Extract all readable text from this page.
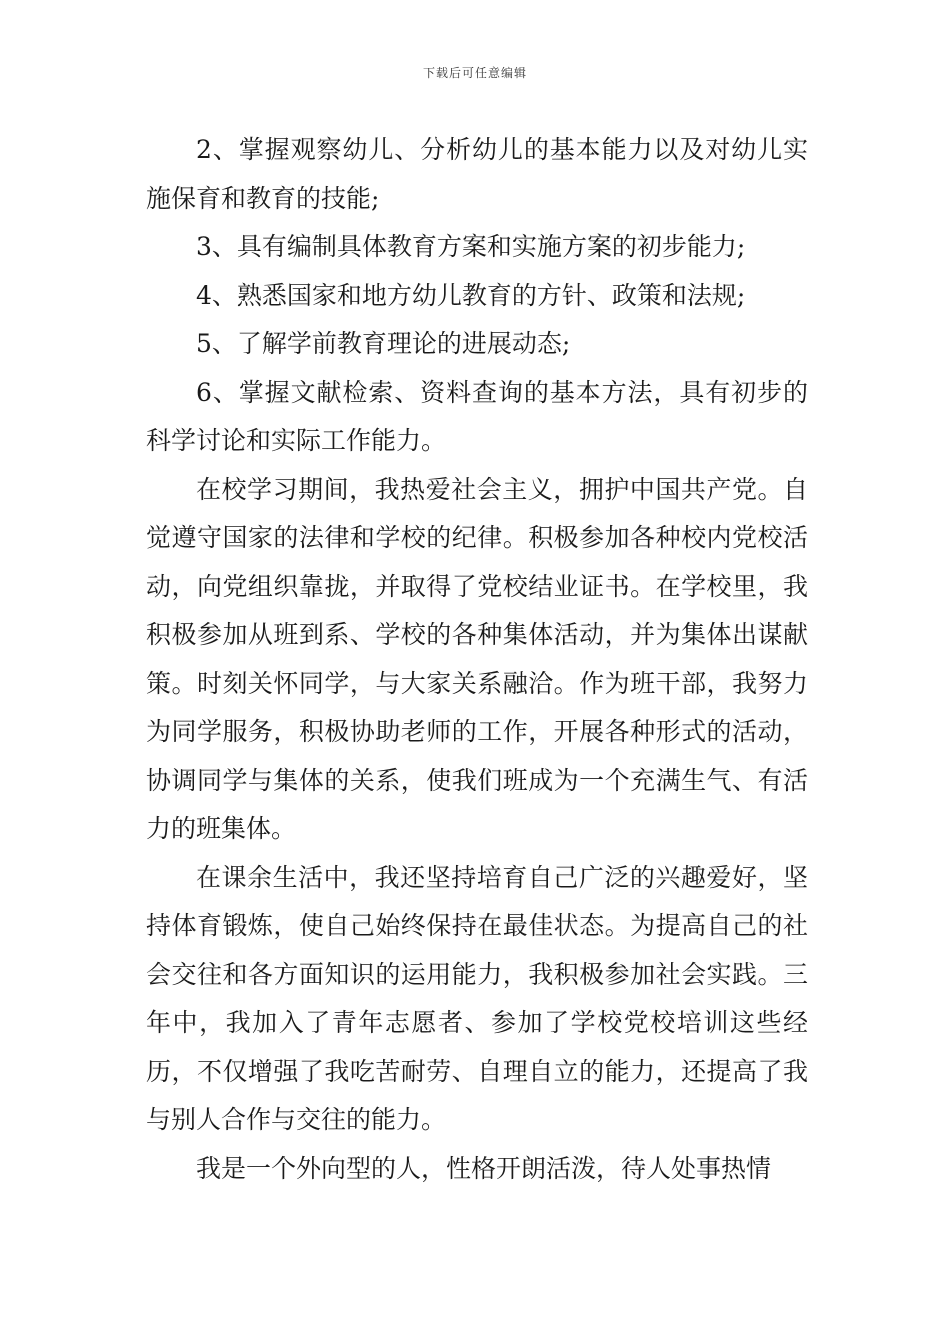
下载后可任意编辑

2、掌握观察幼儿、分析幼儿的基本能力以及对幼儿实施保育和教育的技能;

3、具有编制具体教育方案和实施方案的初步能力;

4、熟悉国家和地方幼儿教育的方针、政策和法规;

5、了解学前教育理论的进展动态;

6、掌握文献检索、资料查询的基本方法，具有初步的科学讨论和实际工作能力。

在校学习期间，我热爱社会主义，拥护中国共产党。自觉遵守国家的法律和学校的纪律。积极参加各种校内党校活动，向党组织靠拢，并取得了党校结业证书。在学校里，我积极参加从班到系、学校的各种集体活动，并为集体出谋献策。时刻关怀同学，与大家关系融洽。作为班干部，我努力为同学服务，积极协助老师的工作，开展各种形式的活动，协调同学与集体的关系，使我们班成为一个充满生气、有活力的班集体。

在课余生活中，我还坚持培育自己广泛的兴趣爱好，坚持体育锻炼，使自己始终保持在最佳状态。为提高自己的社会交往和各方面知识的运用能力，我积极参加社会实践。三年中，我加入了青年志愿者、参加了学校党校培训这些经历，不仅增强了我吃苦耐劳、自理自立的能力，还提高了我与别人合作与交往的能力。

我是一个外向型的人，性格开朗活泼，待人处事热情
